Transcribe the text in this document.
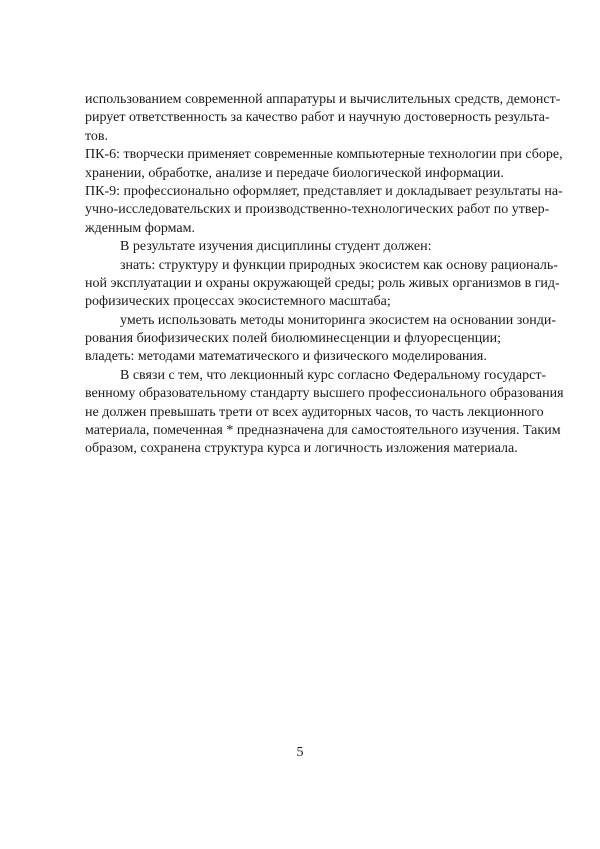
использованием современной аппаратуры и вычислительных средств, демонст-
рирует ответственность за качество работ и научную достоверность результа-
тов.
ПК-6: творчески применяет современные компьютерные технологии при сборе,
хранении, обработке, анализе и передаче биологической информации.
ПК-9: профессионально оформляет, представляет и докладывает результаты на-
учно-исследовательских и производственно-технологических работ по утвер-
жденным формам.
В результате изучения дисциплины студент должен:
знать: структуру и функции природных экосистем как основу рациональ-
ной эксплуатации и охраны окружающей среды; роль живых организмов в гид-
рофизических процессах экосистемного масштаба;
уметь использовать методы мониторинга экосистем на основании зонди-
рования биофизических полей биолюминесценции и флуоресценции;
владеть: методами математического и физического моделирования.
В связи с тем, что лекционный курс согласно Федеральному государст-
венному образовательному стандарту высшего профессионального образования
не должен превышать трети от всех аудиторных часов, то часть лекционного
материала, помеченная * предназначена для самостоятельного изучения. Таким
образом, сохранена структура курса и логичность изложения материала.
5
